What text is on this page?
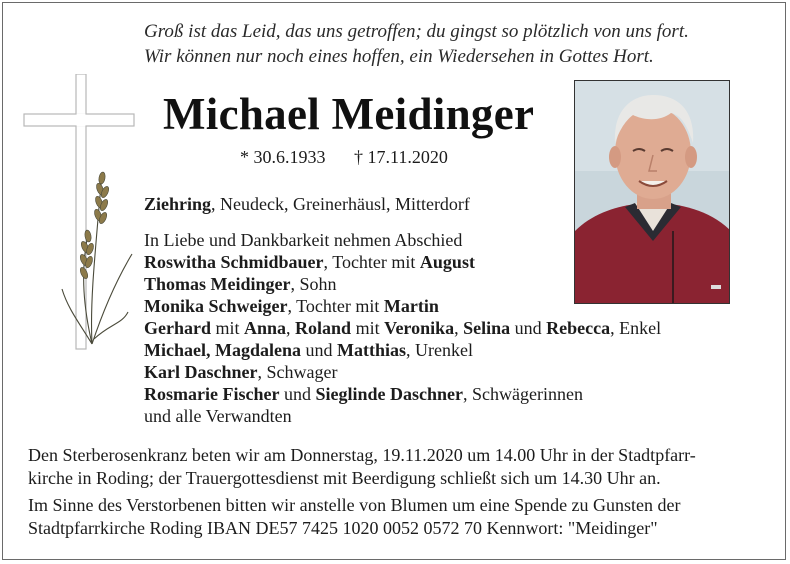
Groß ist das Leid, das uns getroffen; du gingst so plötzlich von uns fort.
Wir können nur noch eines hoffen, ein Wiedersehen in Gottes Hort.
Michael Meidinger
* 30.6.1933 † 17.11.2020
Ziehring, Neudeck, Greinerhäusl, Mitterdorf
In Liebe und Dankbarkeit nehmen Abschied
Roswitha Schmidbauer, Tochter mit August
Thomas Meidinger, Sohn
Monika Schweiger, Tochter mit Martin
Gerhard mit Anna, Roland mit Veronika, Selina und Rebecca, Enkel
Michael, Magdalena und Matthias, Urenkel
Karl Daschner, Schwager
Rosmarie Fischer und Sieglinde Daschner, Schwägerinnen
und alle Verwandten
Den Sterberosenkranz beten wir am Donnerstag, 19.11.2020 um 14.00 Uhr in der Stadtpfarr-
kirche in Roding; der Trauergottesdienst mit Beerdigung schließt sich um 14.30 Uhr an.
Im Sinne des Verstorbenen bitten wir anstelle von Blumen um eine Spende zu Gunsten der
Stadtpfarrkirche Roding IBAN DE57 7425 1020 0052 0572 70 Kennwort: "Meidinger"
